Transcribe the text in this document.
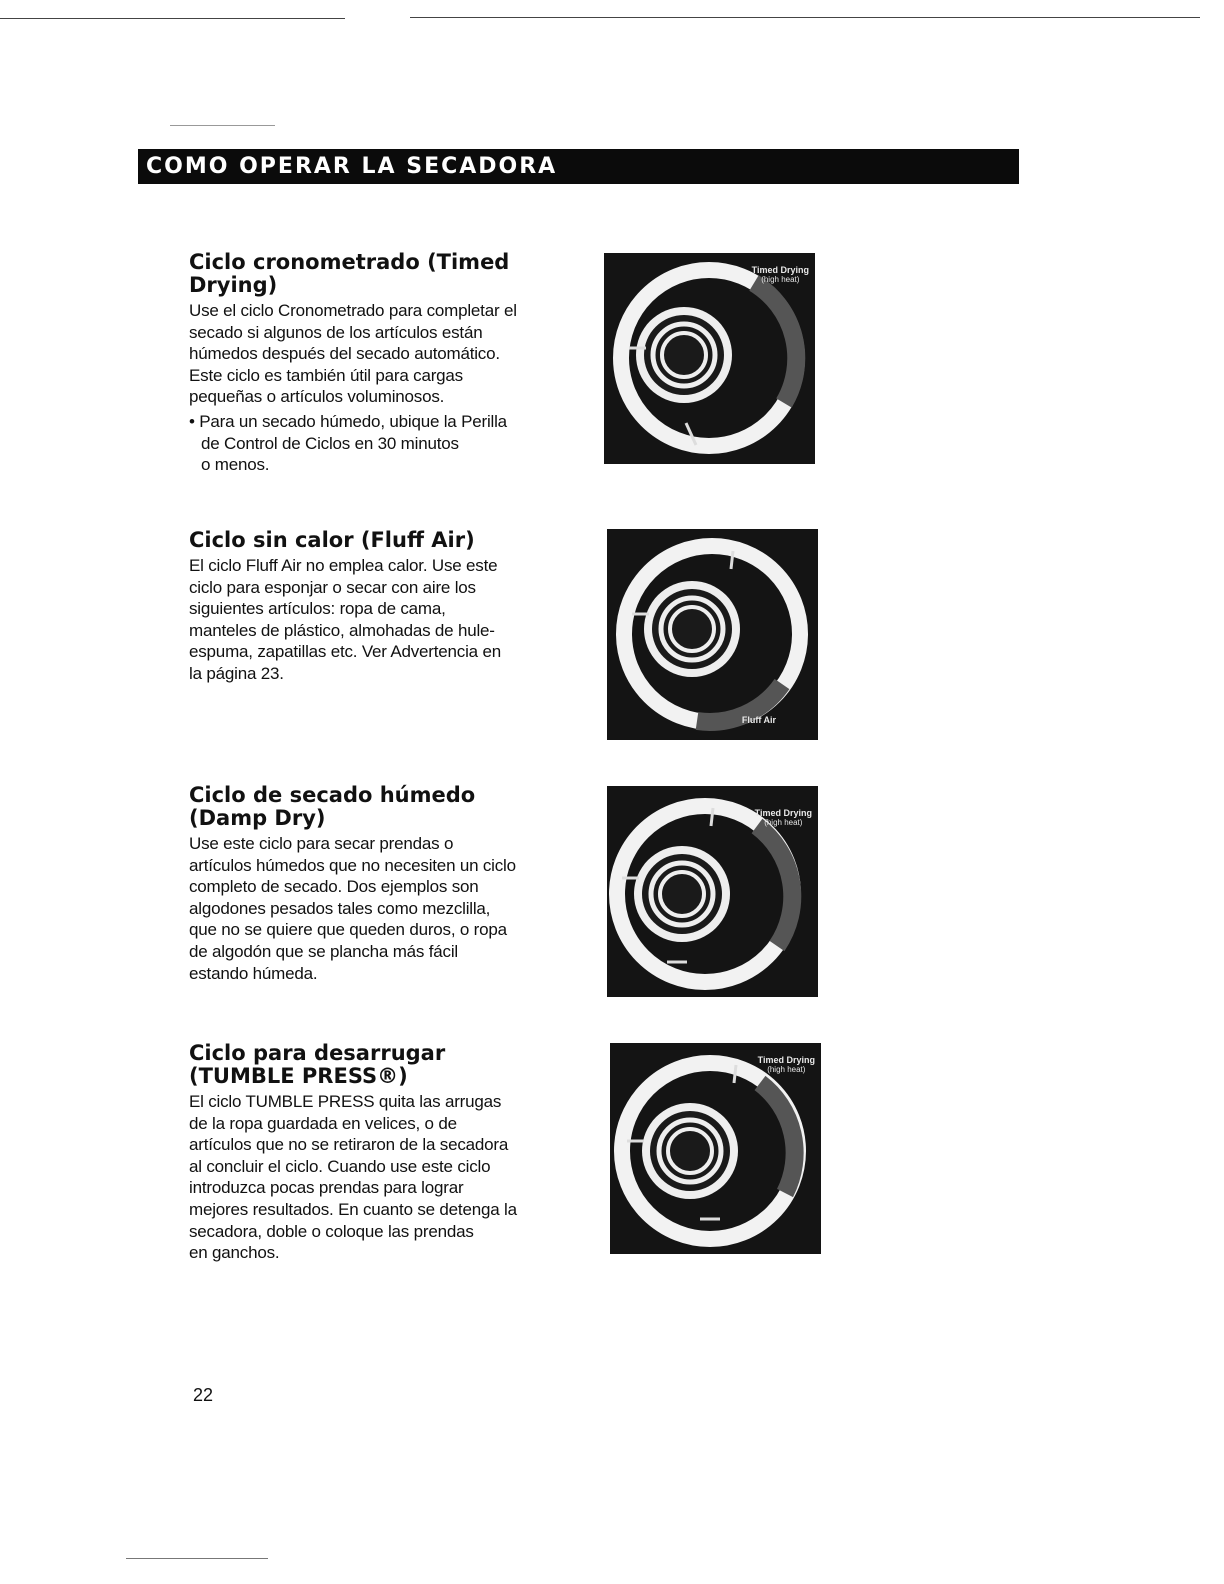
COMO OPERAR LA SECADORA
Ciclo cronometrado (Timed
Drying)

Use el ciclo Cronometrado para completar el
secado si algunos de los artículos están
húmedos después del secado automático.
Este ciclo es también útil para cargas
pequeñas o artículos voluminosos.

• Para un secado húmedo, ubique la Perilla
de Control de Ciclos en 30 minutos
o menos.
Timed Drying
(high heat)
Ciclo sin calor (Fluff Air)

El ciclo Fluff Air no emplea calor. Use este
ciclo para esponjar o secar con aire los
siguientes artículos: ropa de cama,
manteles de plástico, almohadas de hule-
espuma, zapatillas etc. Ver Advertencia en
la página 23.

Fluff Air
Ciclo de secado húmedo
(Damp Dry)

Use este ciclo para secar prendas o
artículos húmedos que no necesiten un ciclo
completo de secado. Dos ejemplos son
algodones pesados tales como mezclilla,
que no se quiere que queden duros, o ropa
de algodón que se plancha más fácil
estando húmeda.

Timed Drying
(high heat)
Ciclo para desarrugar
(TUMBLE PRESS®)

El ciclo TUMBLE PRESS quita las arrugas
de la ropa guardada en velices, o de
artículos que no se retiraron de la secadora
al concluir el ciclo. Cuando use este ciclo
introduzca pocas prendas para lograr
mejores resultados. En cuanto se detenga la
secadora, doble o coloque las prendas
en ganchos.

Timed Drying
(high heat)
22
